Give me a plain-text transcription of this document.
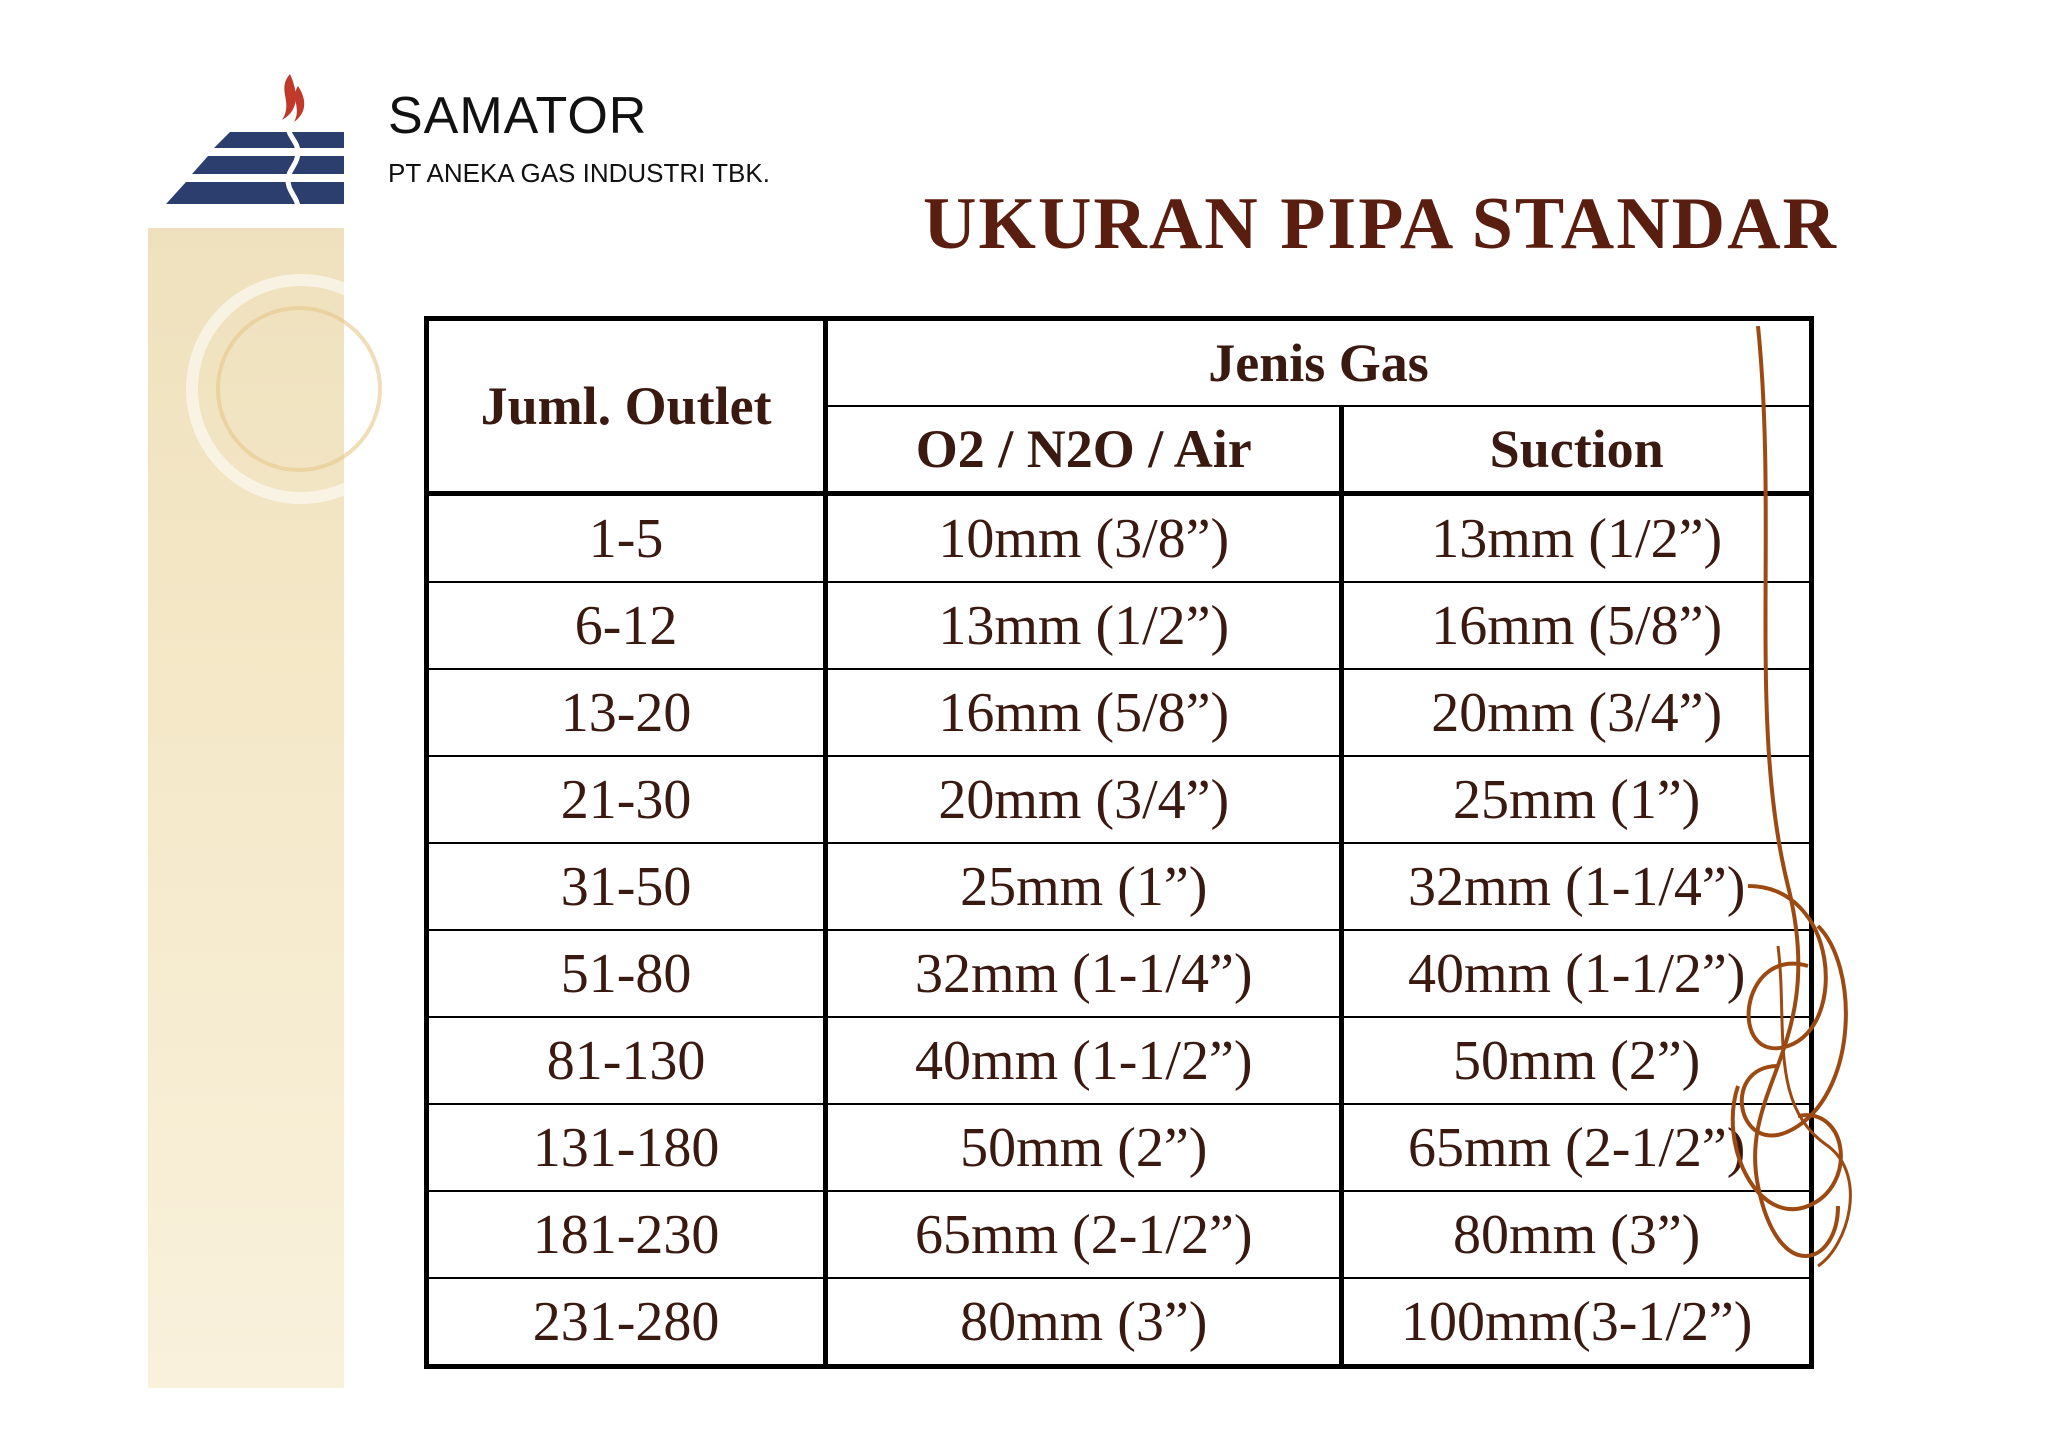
SAMATOR
PT ANEKA GAS INDUSTRI TBK.
UKURAN PIPA STANDAR
Juml. Outlet	Jenis Gas	
	O2 / N2O / Air	Suction
1-5	10mm (3/8”)	13mm (1/2”)
6-12	13mm (1/2”)	16mm (5/8”)
13-20	16mm (5/8”)	20mm (3/4”)
21-30	20mm (3/4”)	25mm (1”)
31-50	25mm (1”)	32mm (1-1/4”)
51-80	32mm (1-1/4”)	40mm (1-1/2”)
81-130	40mm (1-1/2”)	50mm (2”)
131-180	50mm (2”)	65mm (2-1/2”)
181-230	65mm (2-1/2”)	80mm (3”)
231-280	80mm (3”)	100mm(3-1/2”)
